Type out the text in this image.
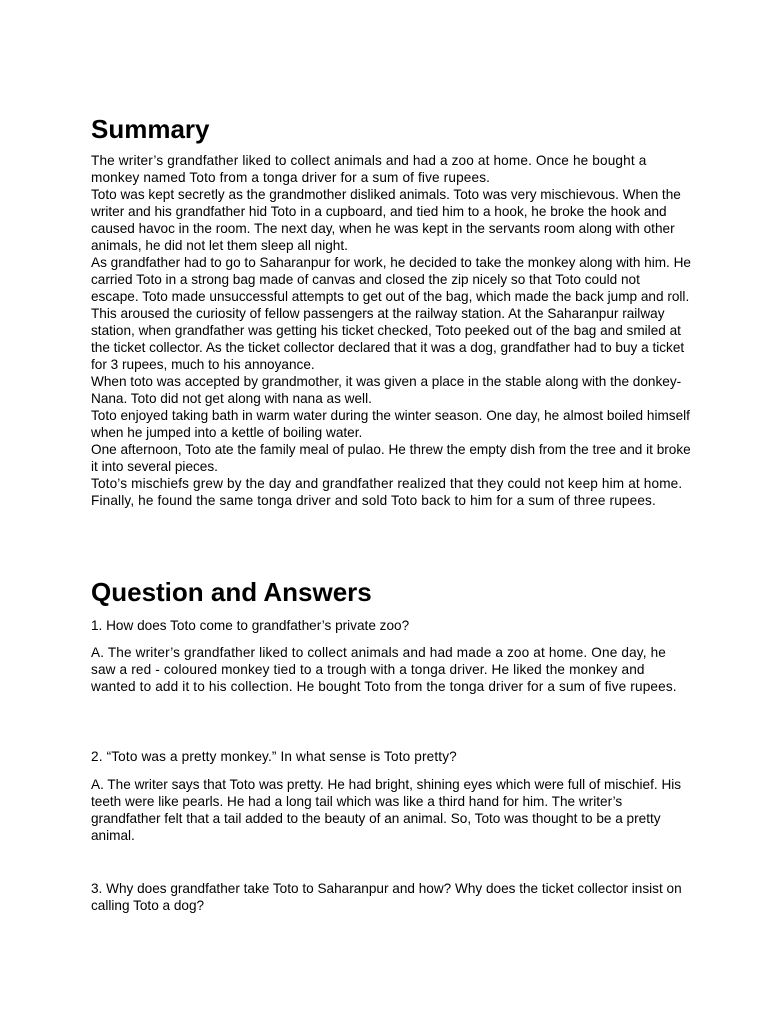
Summary
The writer’s grandfather liked to collect animals and had a zoo at home. Once he bought a monkey named Toto from a tonga driver for a sum of five rupees.
Toto was kept secretly as the grandmother disliked animals. Toto was very mischievous. When the writer and his grandfather hid Toto in a cupboard, and tied him to a hook, he broke the hook and caused havoc in the room. The next day, when he was kept in the servants room along with other animals, he did not let them sleep all night.
As grandfather had to go to Saharanpur for work, he decided to take the monkey along with him. He carried Toto in a strong bag made of canvas and closed the zip nicely so that Toto could not escape. Toto made unsuccessful attempts to get out of the bag, which made the back jump and roll. This aroused the curiosity of fellow passengers at the railway station. At the Saharanpur railway station, when grandfather was getting his ticket checked, Toto peeked out of the bag and smiled at the ticket collector. As the ticket collector declared that it was a dog, grandfather had to buy a ticket for 3 rupees, much to his annoyance.
When toto was accepted by grandmother, it was given a place in the stable along with the donkey- Nana. Toto did not get along with nana as well.
Toto enjoyed taking bath in warm water during the winter season. One day, he almost boiled himself when he jumped into a kettle of boiling water.
One afternoon, Toto ate the family meal of pulao. He threw the empty dish from the tree and it broke it into several pieces.
Toto’s mischiefs grew by the day and grandfather realized that they could not keep him at home. Finally, he found the same tonga driver and sold Toto back to him for a sum of three rupees.
Question and Answers

1. How does Toto come to grandfather’s private zoo?

A. The writer’s grandfather liked to collect animals and had made a zoo at home. One day, he saw a red - coloured monkey tied to a trough with a tonga driver. He liked the monkey and wanted to add it to his collection. He bought Toto from the tonga driver for a sum of five rupees.

2. “Toto was a pretty monkey.” In what sense is Toto pretty?

A. The writer says that Toto was pretty. He had bright, shining eyes which were full of mischief. His teeth were like pearls. He had a long tail which was like a third hand for him. The writer’s grandfather felt that a tail added to the beauty of an animal. So, Toto was thought to be a pretty animal.

3. Why does grandfather take Toto to Saharanpur and how? Why does the ticket collector insist on calling Toto a dog?
